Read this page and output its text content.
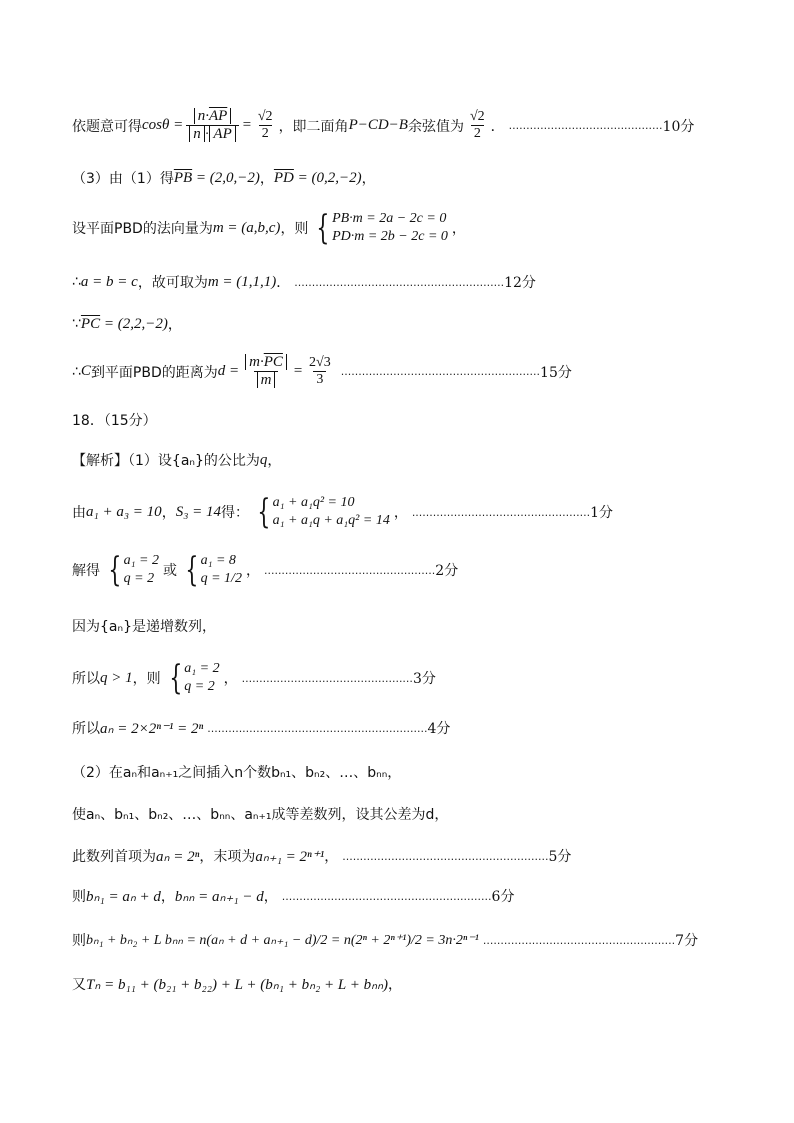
依题意可得 $\cos\theta = \frac{n\cdot\overline{AP}}{n \cdot \overline{AP}} = \frac{√2}{2}$ ，即二面角 P−CD−B 余弦值为 $\frac{√2}{2}$ ． ............................................ 10分
（3）由（1）得 $\overline{PB} = (2,0,-2)$ ， $\overline{PD} = (0,2,-2)$ ，
设平面PBD的法向量为 m = (a,b,c) ，则 { PB·m = 2a − 2c = 0
PD·m = 2b − 2c = 0 ，
∴ a = b = c ，故可取为 m = (1,1,1) ． ............................................................ 12分
∵ $\overline{PC} = (2,2,-2)$ ，
∴ C 到平面PBD的距离为 $d = \frac{m\cdot\overline{PC}}{m} = \frac{2√3}{3}$ ......................................................... 15分
18．（15分）
【解析】（1）设{aₙ}的公比为 q ，
由 a₁ + a₃ = 10 ， S₃ = 14 得： { a₁ + a₁q² = 10
a₁ + a₁q + a₁q² = 14 ， ................................................... 1分
解得 { a₁ = 2
q = 2 或 { a₁ = 8
q = 1/2 ， ................................................. 2分
因为{aₙ}是递增数列，
所以 q > 1 ，则 { a₁ = 2
q = 2 ， ................................................. 3分
所以 aₙ = 2×2ⁿ⁻¹ = 2ⁿ ............................................................... 4分
（2）在aₙ和aₙ₊₁之间插入n个数bₙ₁、bₙ₂、…、bₙₙ，
使aₙ、bₙ₁、bₙ₂、…、bₙₙ、aₙ₊₁成等差数列，设其公差为d，
此数列首项为 aₙ = 2ⁿ ，末项为 aₙ₊₁ = 2ⁿ⁺¹ ， ........................................................... 5分
则 bₙ₁ = aₙ + d ， bₙₙ = aₙ₊₁ − d ， ............................................................ 6分
则 bₙ₁ + bₙ₂ + L bₙₙ = n(aₙ + d + aₙ₊₁ − d)/2 = n(2ⁿ + 2ⁿ⁺¹)/2 = 3n·2ⁿ⁻¹ ....................................................... 7分
又 Tₙ = b₁₁ + (b₂₁ + b₂₂) + L + (bₙ₁ + bₙ₂ + L + bₙₙ) ，
